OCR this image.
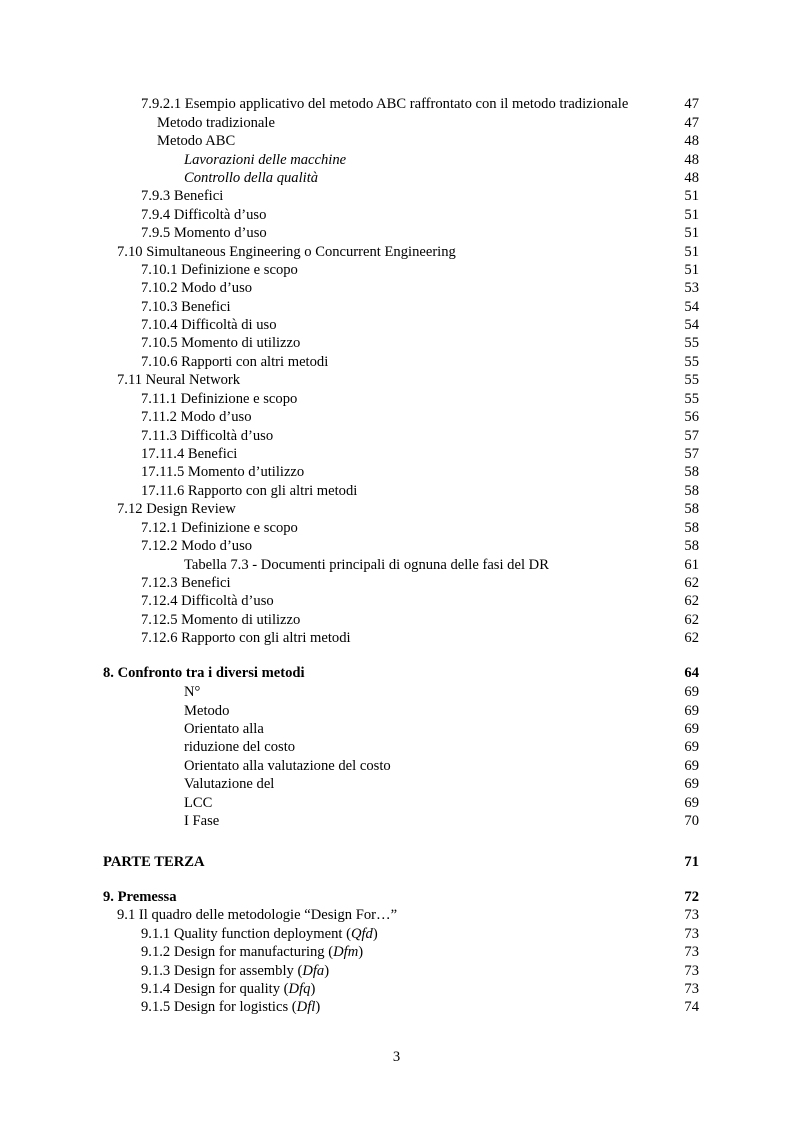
7.9.2.1 Esempio applicativo del metodo ABC raffrontato con il metodo tradizionale	47
Metodo tradizionale	47
Metodo ABC	48
Lavorazioni delle macchine	48
Controllo della qualità	48
7.9.3 Benefici	51
7.9.4 Difficoltà d’uso	51
7.9.5 Momento d’uso	51
7.10 Simultaneous Engineering o Concurrent Engineering	51
7.10.1 Definizione e scopo	51
7.10.2 Modo d’uso	53
7.10.3 Benefici	54
7.10.4 Difficoltà di uso	54
7.10.5 Momento di utilizzo	55
7.10.6 Rapporti con altri metodi	55
7.11 Neural Network	55
7.11.1 Definizione e scopo	55
7.11.2 Modo d’uso	56
7.11.3 Difficoltà d’uso	57
17.11.4 Benefici	57
17.11.5 Momento d’utilizzo	58
17.11.6 Rapporto con gli altri metodi	58
7.12 Design Review	58
7.12.1 Definizione e scopo	58
7.12.2 Modo d’uso	58
Tabella 7.3 - Documenti principali di ognuna delle fasi del DR	61
7.12.3 Benefici	62
7.12.4 Difficoltà d’uso	62
7.12.5 Momento di utilizzo	62
7.12.6 Rapporto con gli altri metodi	62
8. Confronto tra i diversi metodi	64
N°	69
Metodo	69
Orientato alla	69
riduzione del costo	69
Orientato alla valutazione del costo	69
Valutazione del	69
LCC	69
I Fase	70
PARTE TERZA	71
9. Premessa	72
9.1 Il quadro delle metodologie “Design For…”	73
9.1.1 Quality function deployment (Qfd)	73
9.1.2 Design for manufacturing (Dfm)	73
9.1.3 Design for assembly (Dfa)	73
9.1.4 Design for quality (Dfq)	73
9.1.5 Design for logistics (Dfl)	74
3
